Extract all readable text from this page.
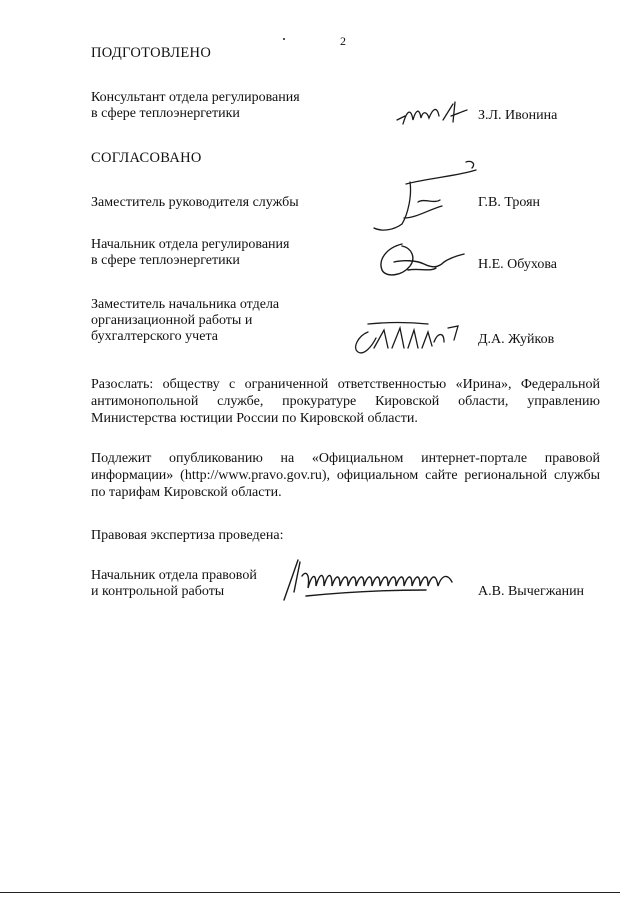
2
ПОДГОТОВЛЕНО
Консультант отдела регулирования
в сфере теплоэнергетики	З.Л. Ивонина
СОГЛАСОВАНО
Заместитель руководителя службы	Г.В. Троян
Начальник отдела регулирования
в сфере теплоэнергетики	Н.Е. Обухова
Заместитель начальника отдела
организационной работы и
бухгалтерского учета	Д.А. Жуйков
Разослать: обществу с ограниченной ответственностью «Ирина», Федеральной антимонопольной службе, прокуратуре Кировской области, управлению Министерства юстиции России по Кировской области.
Подлежит опубликованию на «Официальном интернет-портале правовой информации» (http://www.pravo.gov.ru), официальном сайте региональной службы по тарифам Кировской области.
Правовая экспертиза проведена:
Начальник отдела правовой
и контрольной работы	А.В. Вычегжанин
